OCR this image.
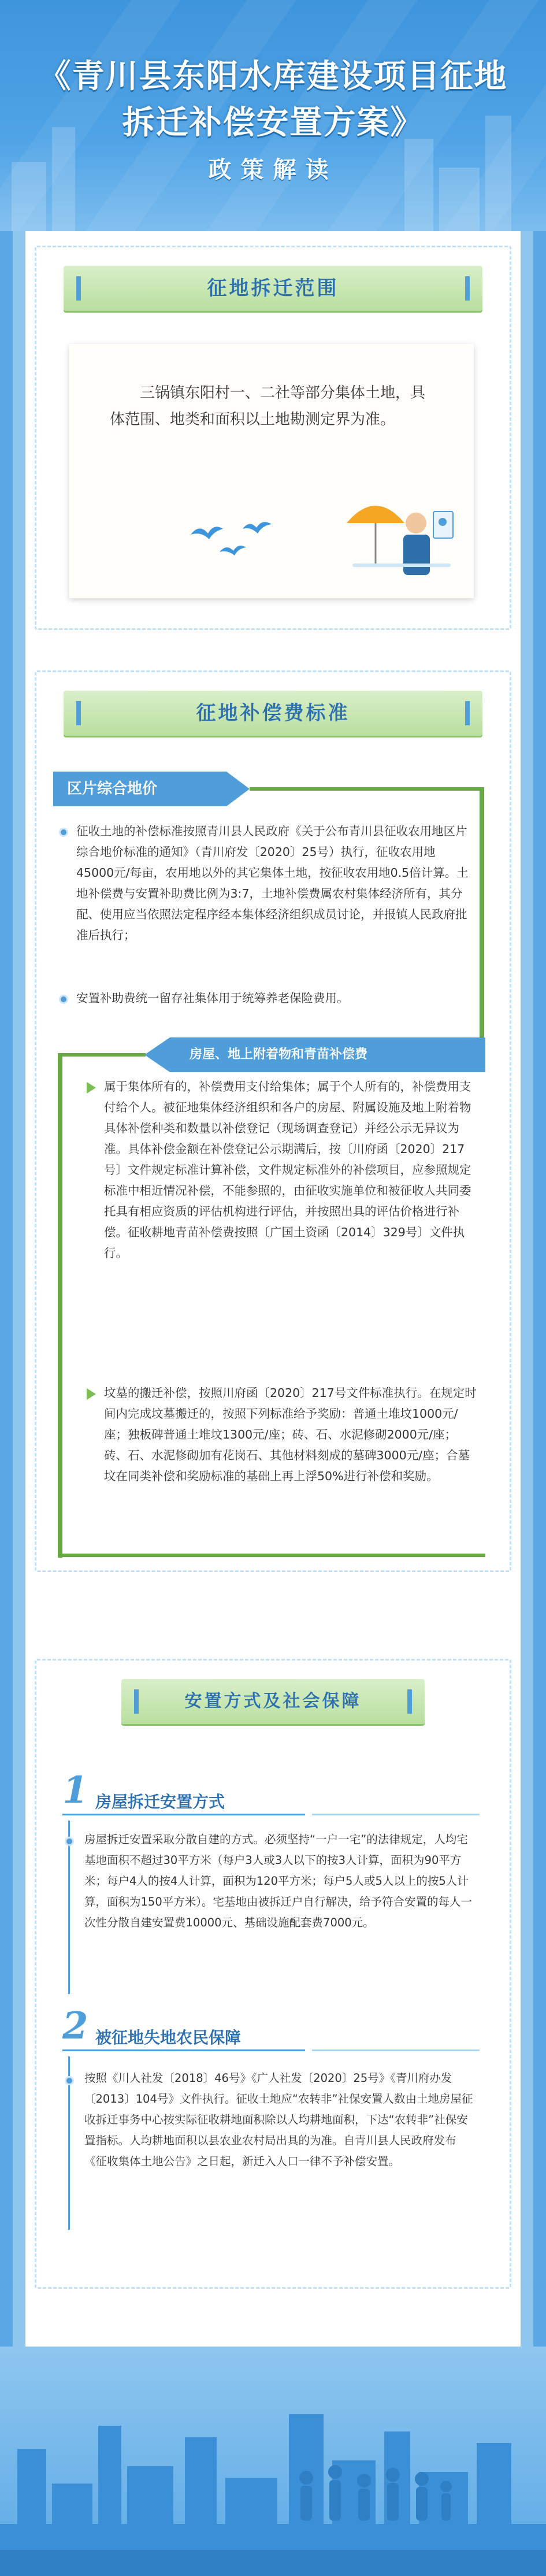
《青川县东阳水库建设项目征地
拆迁补偿安置方案》
政策解读
征地拆迁范围
三锅镇东阳村一、二社等部分集体土地，具体范围、地类和面积以土地勘测定界为准。
征地补偿费标准
区片综合地价
征收土地的补偿标准按照青川县人民政府《关于公布青川县征收农用地区片综合地价标准的通知》（青川府发〔2020〕25号）执行，征收农用地45000元/每亩，农用地以外的其它集体土地，按征收农用地0.5倍计算。土地补偿费与安置补助费比例为3:7，土地补偿费属农村集体经济所有，其分配、使用应当依照法定程序经本集体经济组织成员讨论，并报镇人民政府批准后执行；
安置补助费统一留存社集体用于统筹养老保险费用。
房屋、地上附着物和青苗补偿费
属于集体所有的，补偿费用支付给集体；属于个人所有的，补偿费用支付给个人。被征地集体经济组织和各户的房屋、附属设施及地上附着物具体补偿种类和数量以补偿登记（现场调查登记）并经公示无异议为准。具体补偿金额在补偿登记公示期满后，按〔川府函〔2020〕217号〕文件规定标准计算补偿，文件规定标准外的补偿项目，应参照规定标准中相近情况补偿，不能参照的，由征收实施单位和被征收人共同委托具有相应资质的评估机构进行评估，并按照出具的评估价格进行补偿。征收耕地青苗补偿费按照〔广国土资函〔2014〕329号〕文件执行。
坟墓的搬迁补偿，按照川府函〔2020〕217号文件标准执行。在规定时间内完成坟墓搬迁的，按照下列标准给予奖励：普通土堆坟1000元/座；独板碑普通土堆坟1300元/座；砖、石、水泥修砌2000元/座；砖、石、水泥修砌加有花岗石、其他材料刻成的墓碑3000元/座；合墓坟在同类补偿和奖励标准的基础上再上浮50%进行补偿和奖励。
安置方式及社会保障
1 房屋拆迁安置方式
房屋拆迁安置采取分散自建的方式。必须坚持“一户一宅”的法律规定，人均宅基地面积不超过30平方米（每户3人或3人以下的按3人计算，面积为90平方米；每户4人的按4人计算，面积为120平方米；每户5人或5人以上的按5人计算，面积为150平方米）。宅基地由被拆迁户自行解决，给予符合安置的每人一次性分散自建安置费10000元、基础设施配套费7000元。
2 被征地失地农民保障
按照《川人社发〔2018〕46号》《广人社发〔2020〕25号》《青川府办发〔2013〕104号》文件执行。征收土地应“农转非”社保安置人数由土地房屋征收拆迁事务中心按实际征收耕地面积除以人均耕地面积，下达“农转非”社保安置指标。人均耕地面积以县农业农村局出具的为准。自青川县人民政府发布《征收集体土地公告》之日起，新迁入人口一律不予补偿安置。
